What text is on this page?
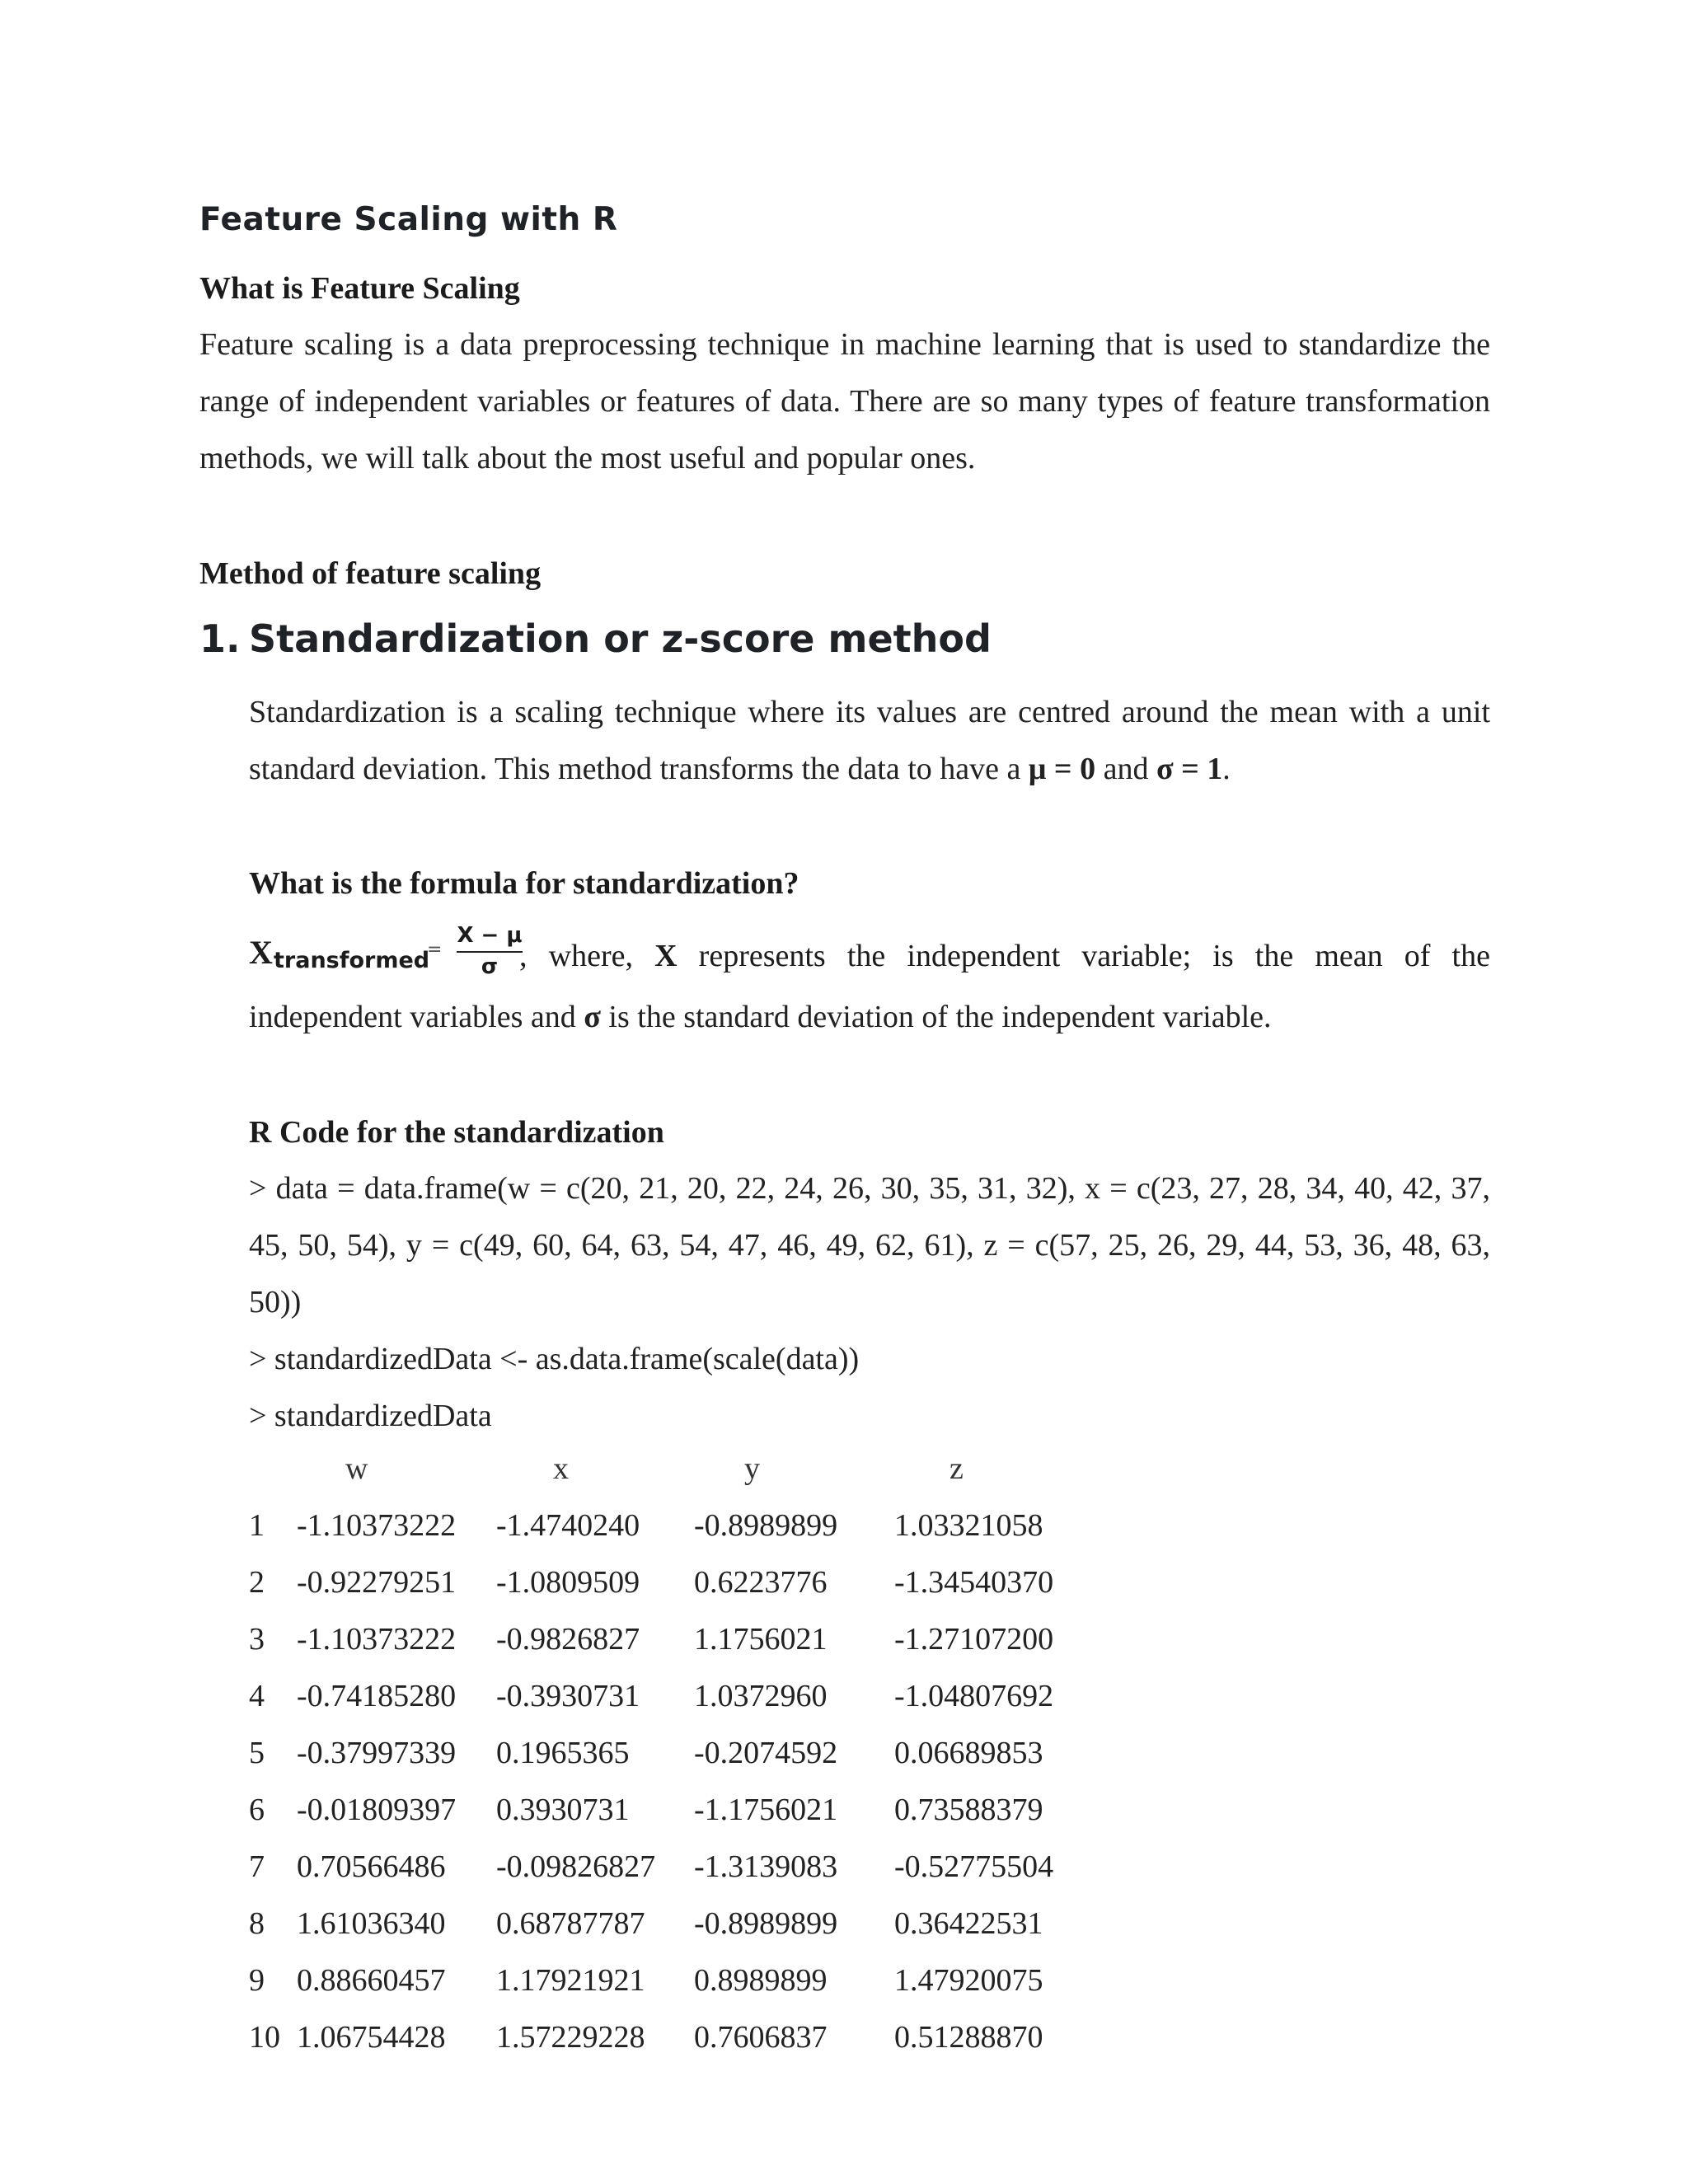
Feature Scaling with R
What is Feature Scaling
Feature scaling is a data preprocessing technique in machine learning that is used to standardize the range of independent variables or features of data. There are so many types of feature transformation methods, we will talk about the most useful and popular ones.
Method of feature scaling
1. Standardization or z-score method
Standardization is a scaling technique where its values are centred around the mean with a unit standard deviation. This method transforms the data to have a μ = 0 and σ = 1.
What is the formula for standardization?
X transformed
= $\frac{X - \mu}{\sigma}$
, where, X represents the independent variable; is the mean of the
independent variables and σ is the standard deviation of the independent variable.
R Code for the standardization
> data = data.frame(w = c(20, 21, 20, 22, 24, 26, 30, 35, 31, 32), x = c(23, 27, 28, 34, 40, 42, 37, 45, 50, 54), y = c(49, 60, 64, 63, 54, 47, 46, 49, 62, 61), z = c(57, 25, 26, 29, 44, 53, 36, 48, 63, 50))
> standardizedData <- as.data.frame(scale(data))
> standardizedData
w	x	y	z
1 -1.10373222 -1.4740240 -0.8989899 1.03321058
2 -0.92279251 -1.0809509 0.6223776 -1.34540370
3 -1.10373222 -0.9826827 1.1756021 -1.27107200
4 -0.74185280 -0.3930731 1.0372960 -1.04807692
5 -0.37997339 0.1965365 -0.2074592 0.06689853
6 -0.01809397 0.3930731 -1.1756021 0.73588379
7 0.70566486 -0.09826827 -1.3139083 -0.52775504
8 1.61036340 0.68787787 -0.8989899 0.36422531
9 0.88660457 1.17921921 0.8989899 1.47920075
10 1.06754428 1.57229228 0.7606837 0.51288870
